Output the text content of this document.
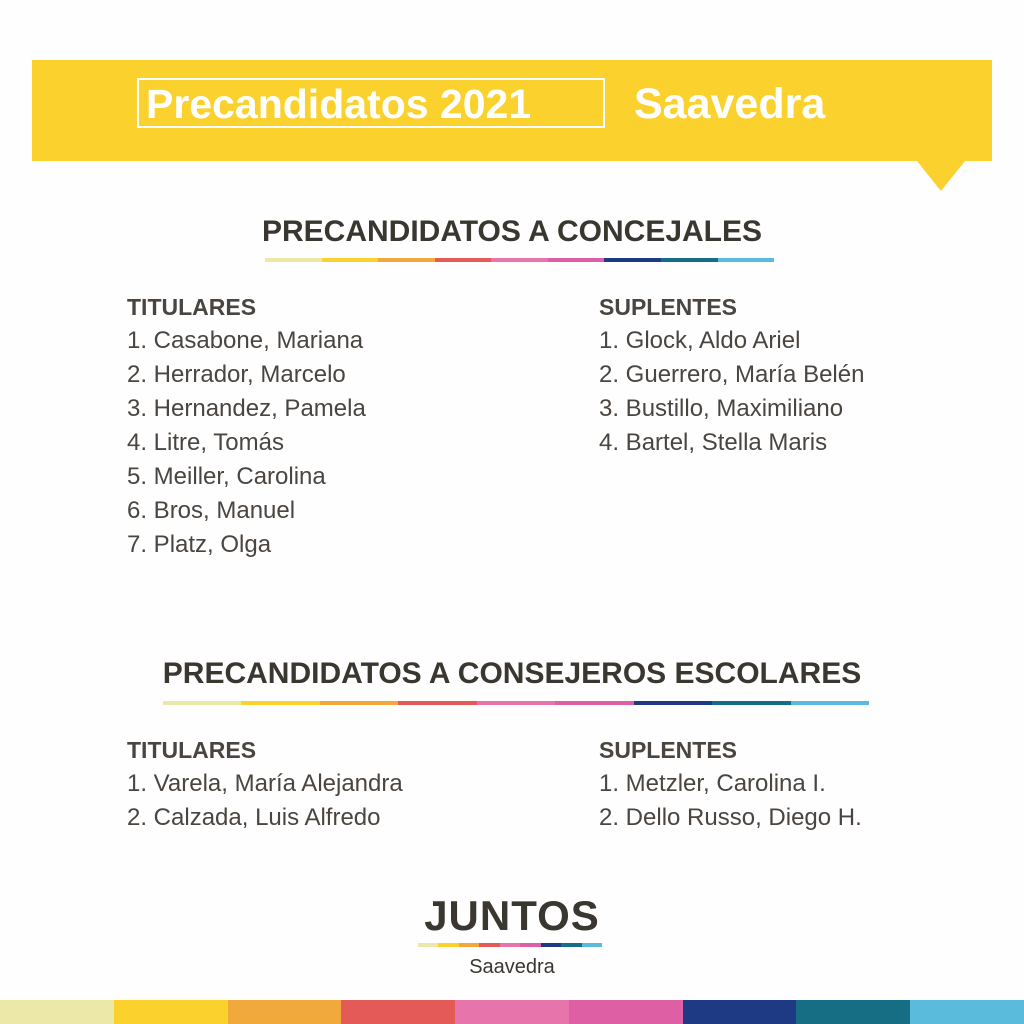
Precandidatos 2021	Saavedra
PRECANDIDATOS A CONCEJALES
TITULARES
1. Casabone, Mariana
2. Herrador, Marcelo
3. Hernandez, Pamela
4. Litre, Tomás
5. Meiller, Carolina
6. Bros, Manuel
7. Platz, Olga
SUPLENTES
1. Glock, Aldo Ariel
2. Guerrero, María Belén
3. Bustillo, Maximiliano
4. Bartel, Stella Maris
PRECANDIDATOS A CONSEJEROS ESCOLARES
TITULARES
1. Varela, María Alejandra
2. Calzada, Luis Alfredo
SUPLENTES
1. Metzler, Carolina I.
2. Dello Russo, Diego H.
JUNTOS
Saavedra
